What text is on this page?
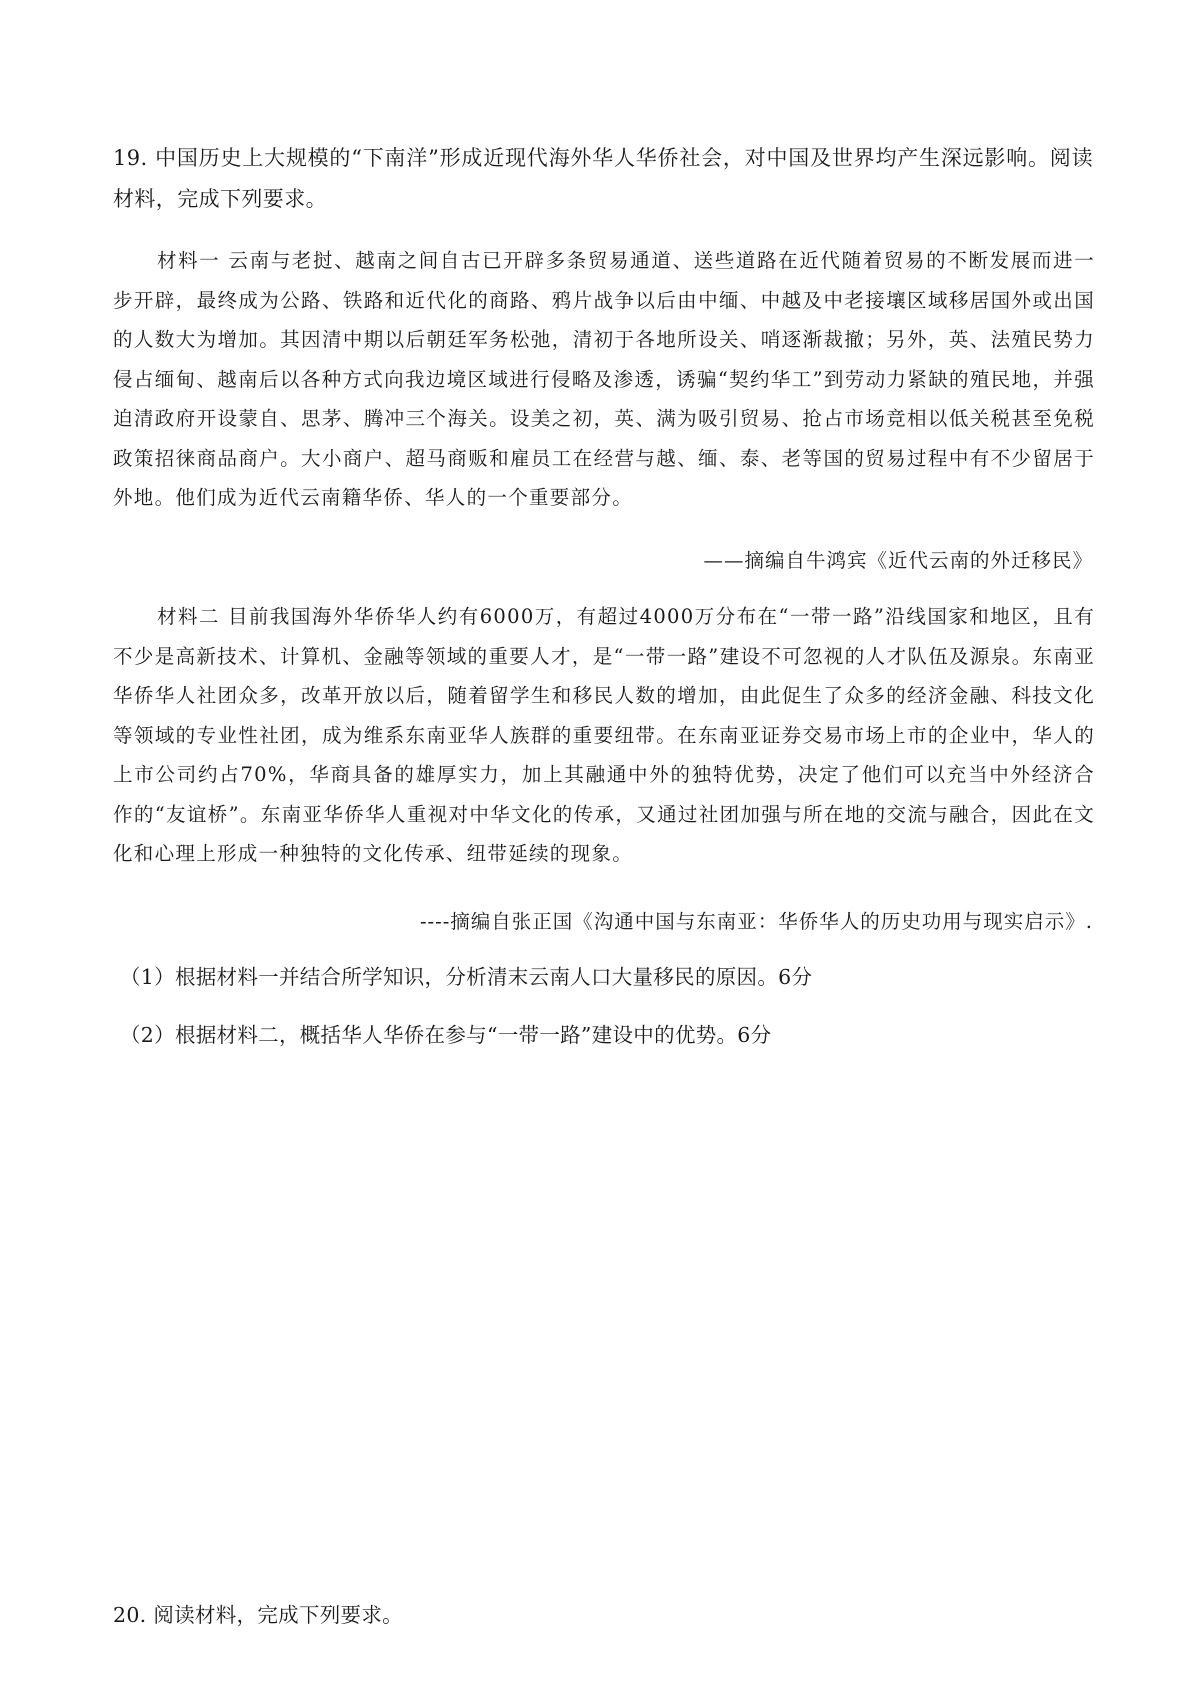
19. 中国历史上大规模的“下南洋”形成近现代海外华人华侨社会，对中国及世界均产生深远影响。阅读材料，完成下列要求。
材料一 云南与老挝、越南之间自古已开辟多条贸易通道、送些道路在近代随着贸易的不断发展而进一步开辟，最终成为公路、铁路和近代化的商路、鸦片战争以后由中缅、中越及中老接壤区域移居国外或出国的人数大为增加。其因清中期以后朝廷军务松弛，清初于各地所设关、哨逐渐裁撤；另外，英、法殖民势力侵占缅甸、越南后以各种方式向我边境区域进行侵略及渗透，诱骗“契约华工”到劳动力紧缺的殖民地，并强迫清政府开设蒙自、思茅、腾冲三个海关。设美之初，英、满为吸引贸易、抢占市场竞相以低关税甚至免税政策招徕商品商户。大小商户、超马商贩和雇员工在经营与越、缅、泰、老等国的贸易过程中有不少留居于外地。他们成为近代云南籍华侨、华人的一个重要部分。
——摘编自牛鸿宾《近代云南的外迁移民》
材料二 目前我国海外华侨华人约有6000万，有超过4000万分布在“一带一路”沿线国家和地区，且有不少是高新技术、计算机、金融等领域的重要人才，是“一带一路”建设不可忽视的人才队伍及源泉。东南亚华侨华人社团众多，改革开放以后，随着留学生和移民人数的增加，由此促生了众多的经济金融、科技文化等领域的专业性社团，成为维系东南亚华人族群的重要纽带。在东南亚证券交易市场上市的企业中，华人的上市公司约占70%，华商具备的雄厚实力，加上其融通中外的独特优势，决定了他们可以充当中外经济合作的“友谊桥”。东南亚华侨华人重视对中华文化的传承，又通过社团加强与所在地的交流与融合，因此在文化和心理上形成一种独特的文化传承、纽带延续的现象。
----摘编自张正国《沟通中国与东南亚：华侨华人的历史功用与现实启示》.
（1）根据材料一并结合所学知识，分析清末云南人口大量移民的原因。6分
（2）根据材料二，概括华人华侨在参与“一带一路”建设中的优势。6分
20. 阅读材料，完成下列要求。
